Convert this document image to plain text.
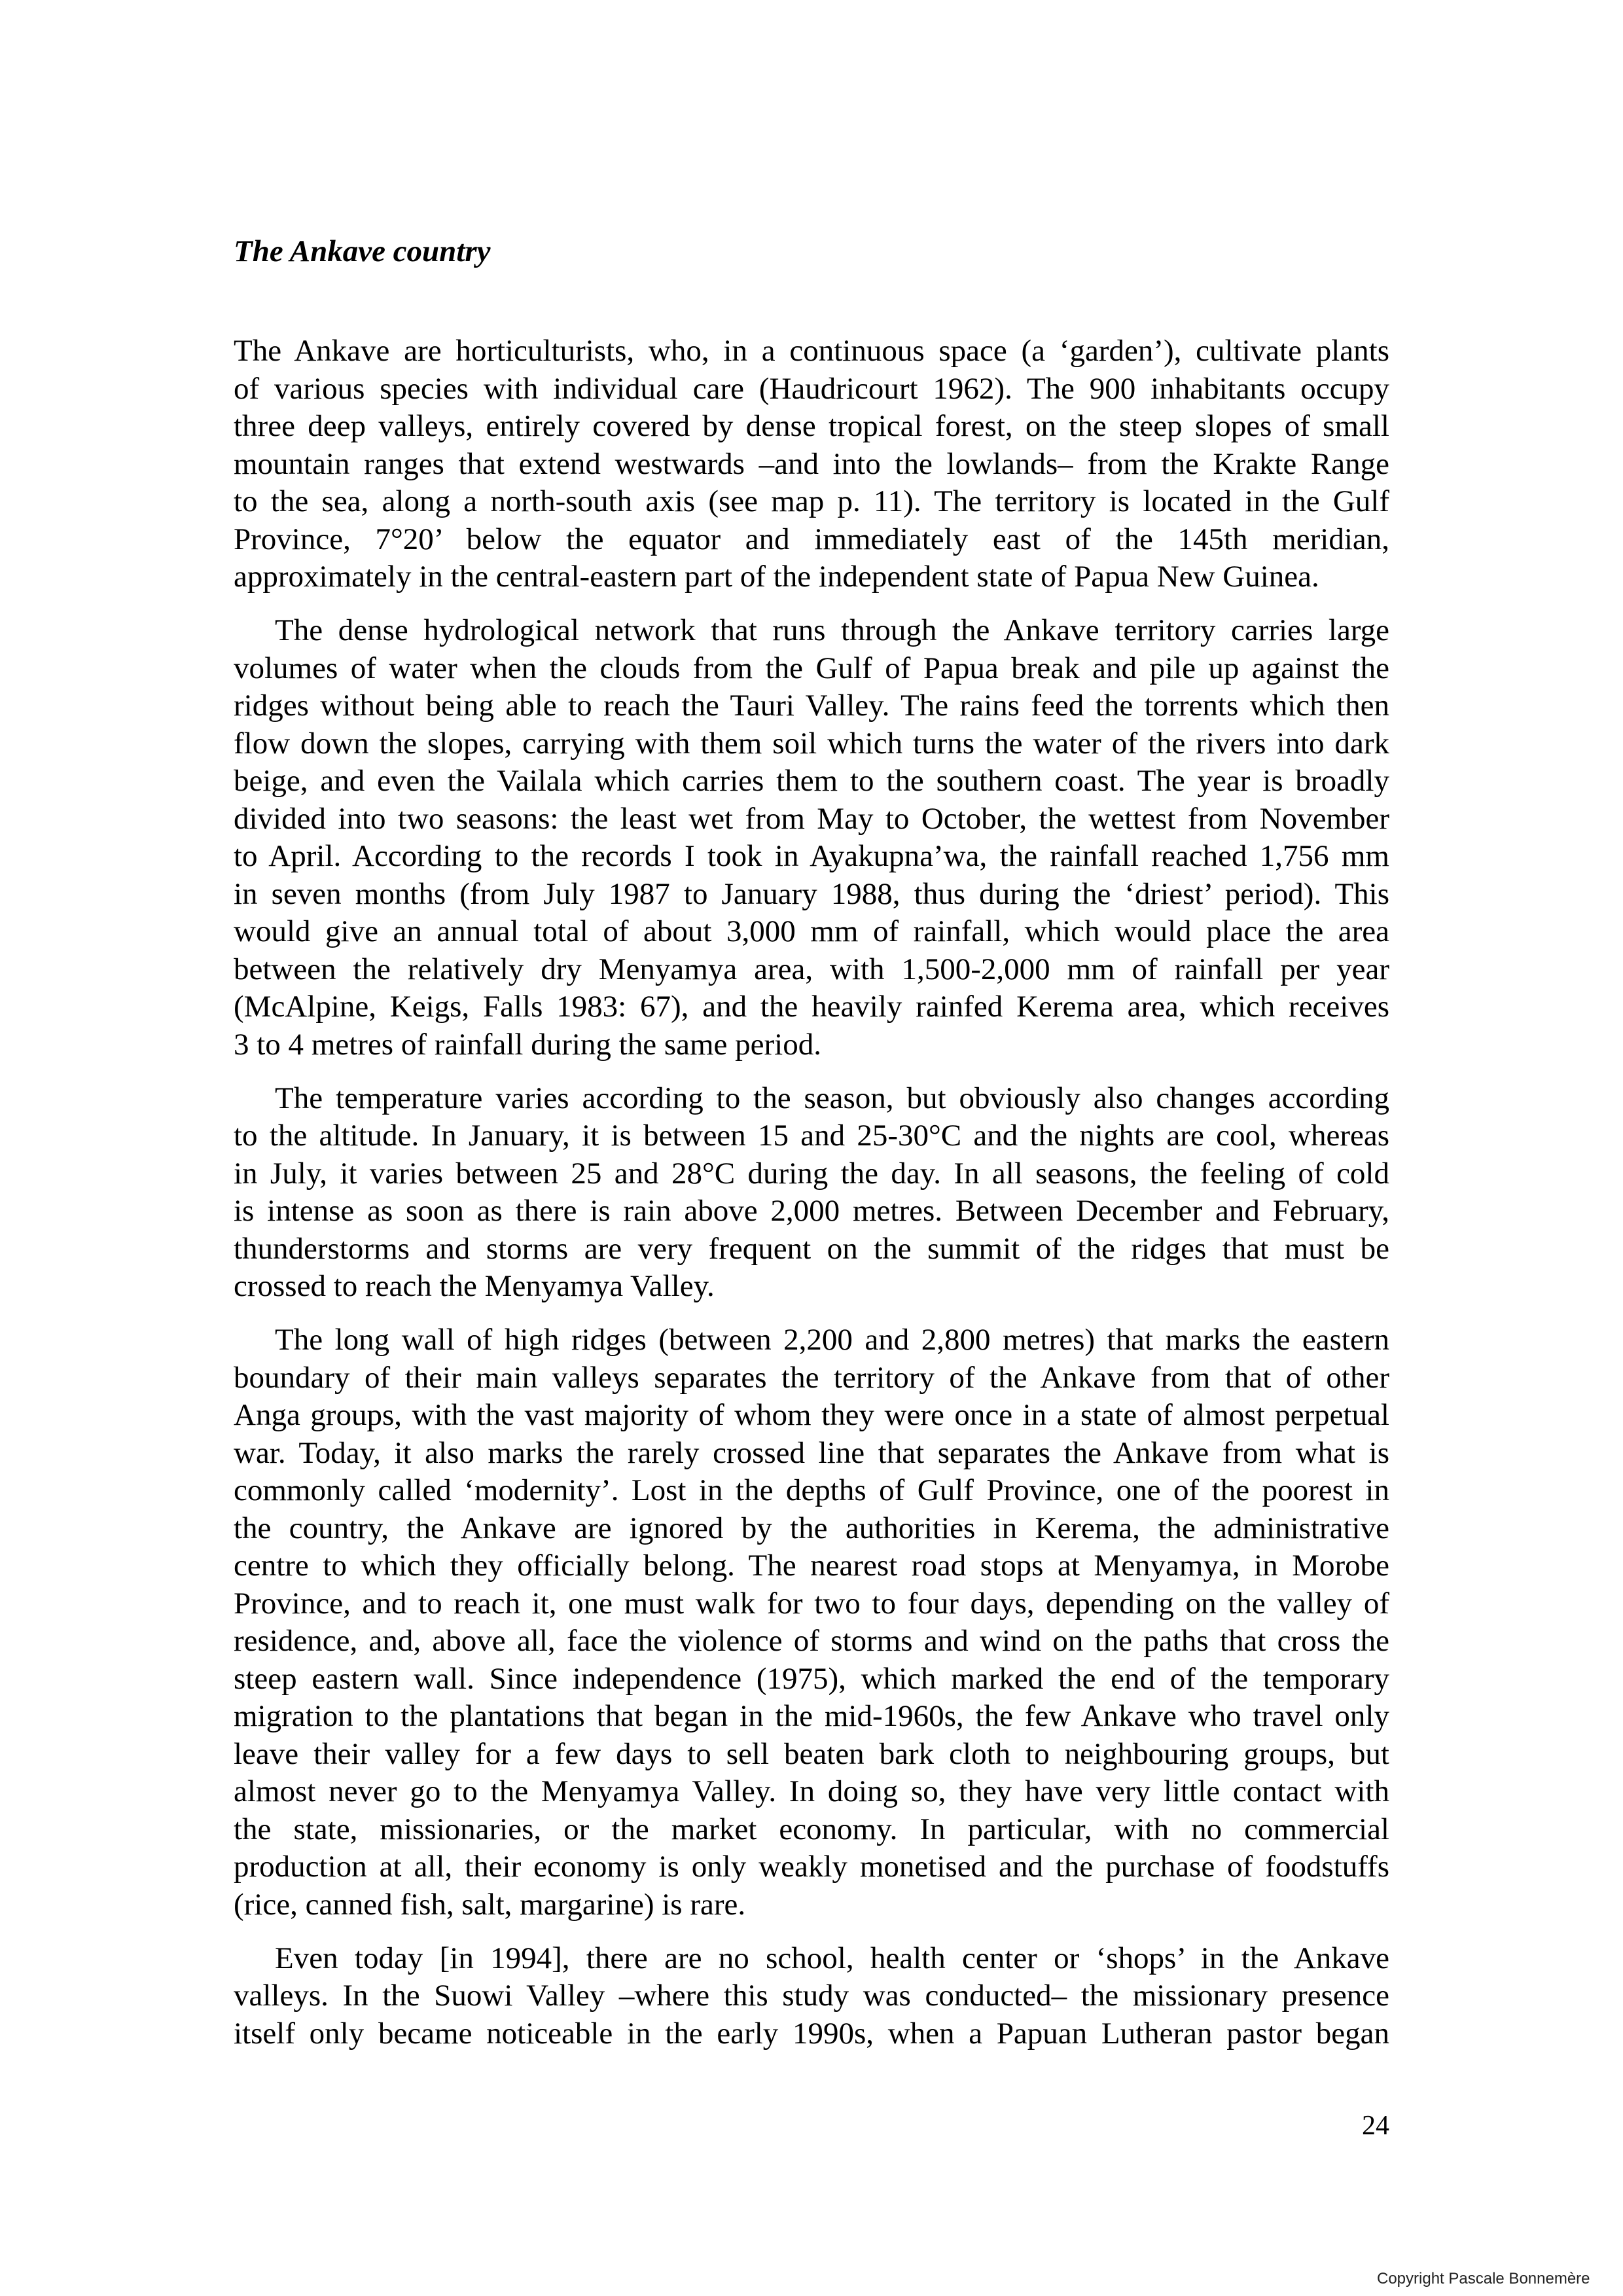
The Ankave country

The Ankave are horticulturists, who, in a continuous space (a ‘garden’), cultivate plants
of various species with individual care (Haudricourt 1962). The 900 inhabitants occupy
three deep valleys, entirely covered by dense tropical forest, on the steep slopes of small
mountain ranges that extend westwards –and into the lowlands– from the Krakte Range
to the sea, along a north-south axis (see map p. 11). The territory is located in the Gulf
Province, 7°20’ below the equator and immediately east of the 145th meridian,
approximately in the central-eastern part of the independent state of Papua New Guinea.

The dense hydrological network that runs through the Ankave territory carries large
volumes of water when the clouds from the Gulf of Papua break and pile up against the
ridges without being able to reach the Tauri Valley. The rains feed the torrents which then
flow down the slopes, carrying with them soil which turns the water of the rivers into dark
beige, and even the Vailala which carries them to the southern coast. The year is broadly
divided into two seasons: the least wet from May to October, the wettest from November
to April. According to the records I took in Ayakupna’wa, the rainfall reached 1,756 mm
in seven months (from July 1987 to January 1988, thus during the ‘driest’ period). This
would give an annual total of about 3,000 mm of rainfall, which would place the area
between the relatively dry Menyamya area, with 1,500-2,000 mm of rainfall per year
(McAlpine, Keigs, Falls 1983: 67), and the heavily rainfed Kerema area, which receives
3 to 4 metres of rainfall during the same period.

The temperature varies according to the season, but obviously also changes according
to the altitude. In January, it is between 15 and 25-30°C and the nights are cool, whereas
in July, it varies between 25 and 28°C during the day. In all seasons, the feeling of cold
is intense as soon as there is rain above 2,000 metres. Between December and February,
thunderstorms and storms are very frequent on the summit of the ridges that must be
crossed to reach the Menyamya Valley.

The long wall of high ridges (between 2,200 and 2,800 metres) that marks the eastern
boundary of their main valleys separates the territory of the Ankave from that of other
Anga groups, with the vast majority of whom they were once in a state of almost perpetual
war. Today, it also marks the rarely crossed line that separates the Ankave from what is
commonly called ‘modernity’. Lost in the depths of Gulf Province, one of the poorest in
the country, the Ankave are ignored by the authorities in Kerema, the administrative
centre to which they officially belong. The nearest road stops at Menyamya, in Morobe
Province, and to reach it, one must walk for two to four days, depending on the valley of
residence, and, above all, face the violence of storms and wind on the paths that cross the
steep eastern wall. Since independence (1975), which marked the end of the temporary
migration to the plantations that began in the mid-1960s, the few Ankave who travel only
leave their valley for a few days to sell beaten bark cloth to neighbouring groups, but
almost never go to the Menyamya Valley. In doing so, they have very little contact with
the state, missionaries, or the market economy. In particular, with no commercial
production at all, their economy is only weakly monetised and the purchase of foodstuffs
(rice, canned fish, salt, margarine) is rare.

Even today [in 1994], there are no school, health center or ‘shops’ in the Ankave
valleys. In the Suowi Valley –where this study was conducted– the missionary presence
itself only became noticeable in the early 1990s, when a Papuan Lutheran pastor began

24
Copyright Pascale Bonnemère
